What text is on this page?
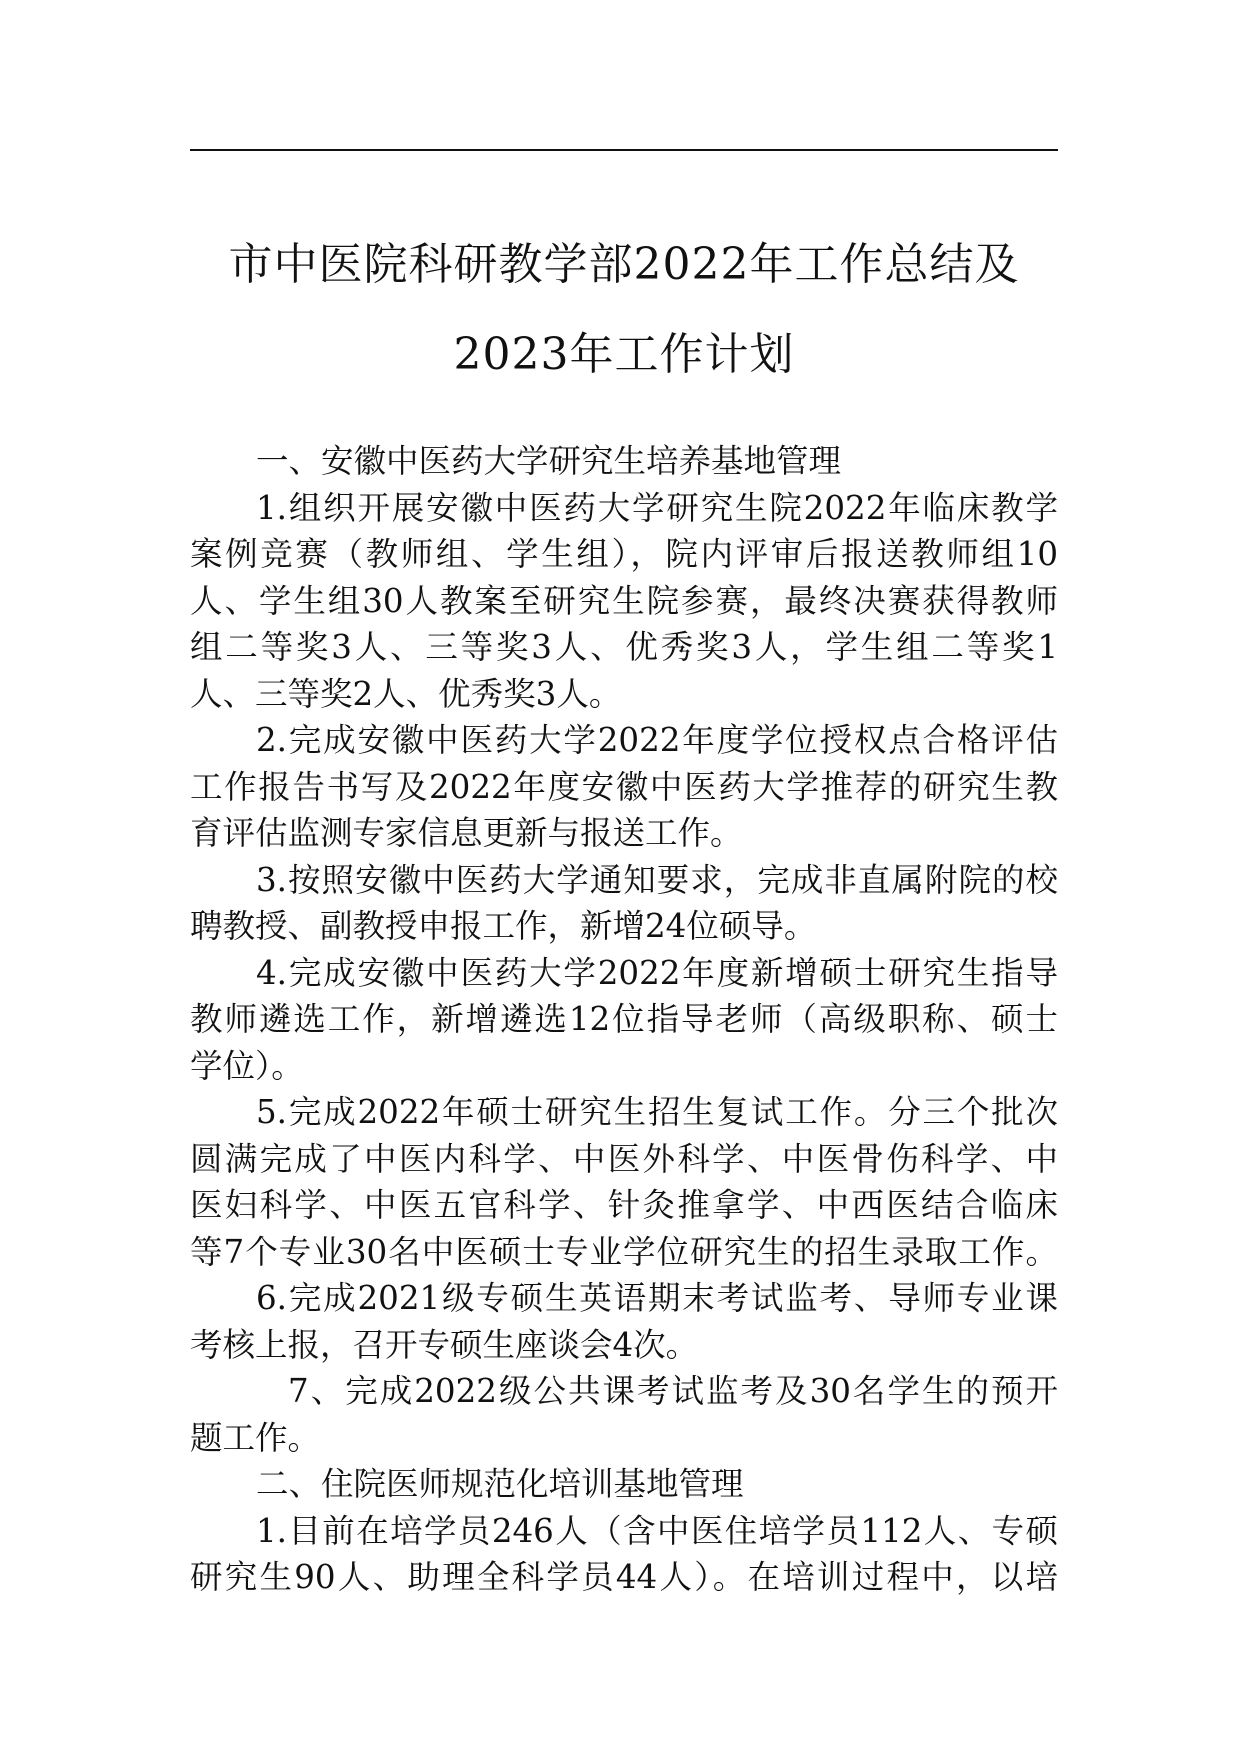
市中医院科研教学部2022年工作总结及
2023年工作计划

一、安徽中医药大学研究生培养基地管理

1.组织开展安徽中医药大学研究生院2022年临床教学
案例竞赛（教师组、学生组），院内评审后报送教师组10
人、学生组30人教案至研究生院参赛，最终决赛获得教师
组二等奖3人、三等奖3人、优秀奖3人，学生组二等奖1
人、三等奖2人、优秀奖3人。

2.完成安徽中医药大学2022年度学位授权点合格评估
工作报告书写及2022年度安徽中医药大学推荐的研究生教
育评估监测专家信息更新与报送工作。

3.按照安徽中医药大学通知要求，完成非直属附院的校
聘教授、副教授申报工作，新增24位硕导。

4.完成安徽中医药大学2022年度新增硕士研究生指导
教师遴选工作，新增遴选12位指导老师（高级职称、硕士
学位）。

5.完成2022年硕士研究生招生复试工作。分三个批次
圆满完成了中医内科学、中医外科学、中医骨伤科学、中
医妇科学、中医五官科学、针灸推拿学、中西医结合临床
等7个专业30名中医硕士专业学位研究生的招生录取工作。

6.完成2021级专硕生英语期末考试监考、导师专业课
考核上报，召开专硕生座谈会4次。

7、完成2022级公共课考试监考及30名学生的预开
题工作。

二、住院医师规范化培训基地管理

1.目前在培学员246人（含中医住培学员112人、专硕
研究生90人、助理全科学员44人）。在培训过程中，以培
